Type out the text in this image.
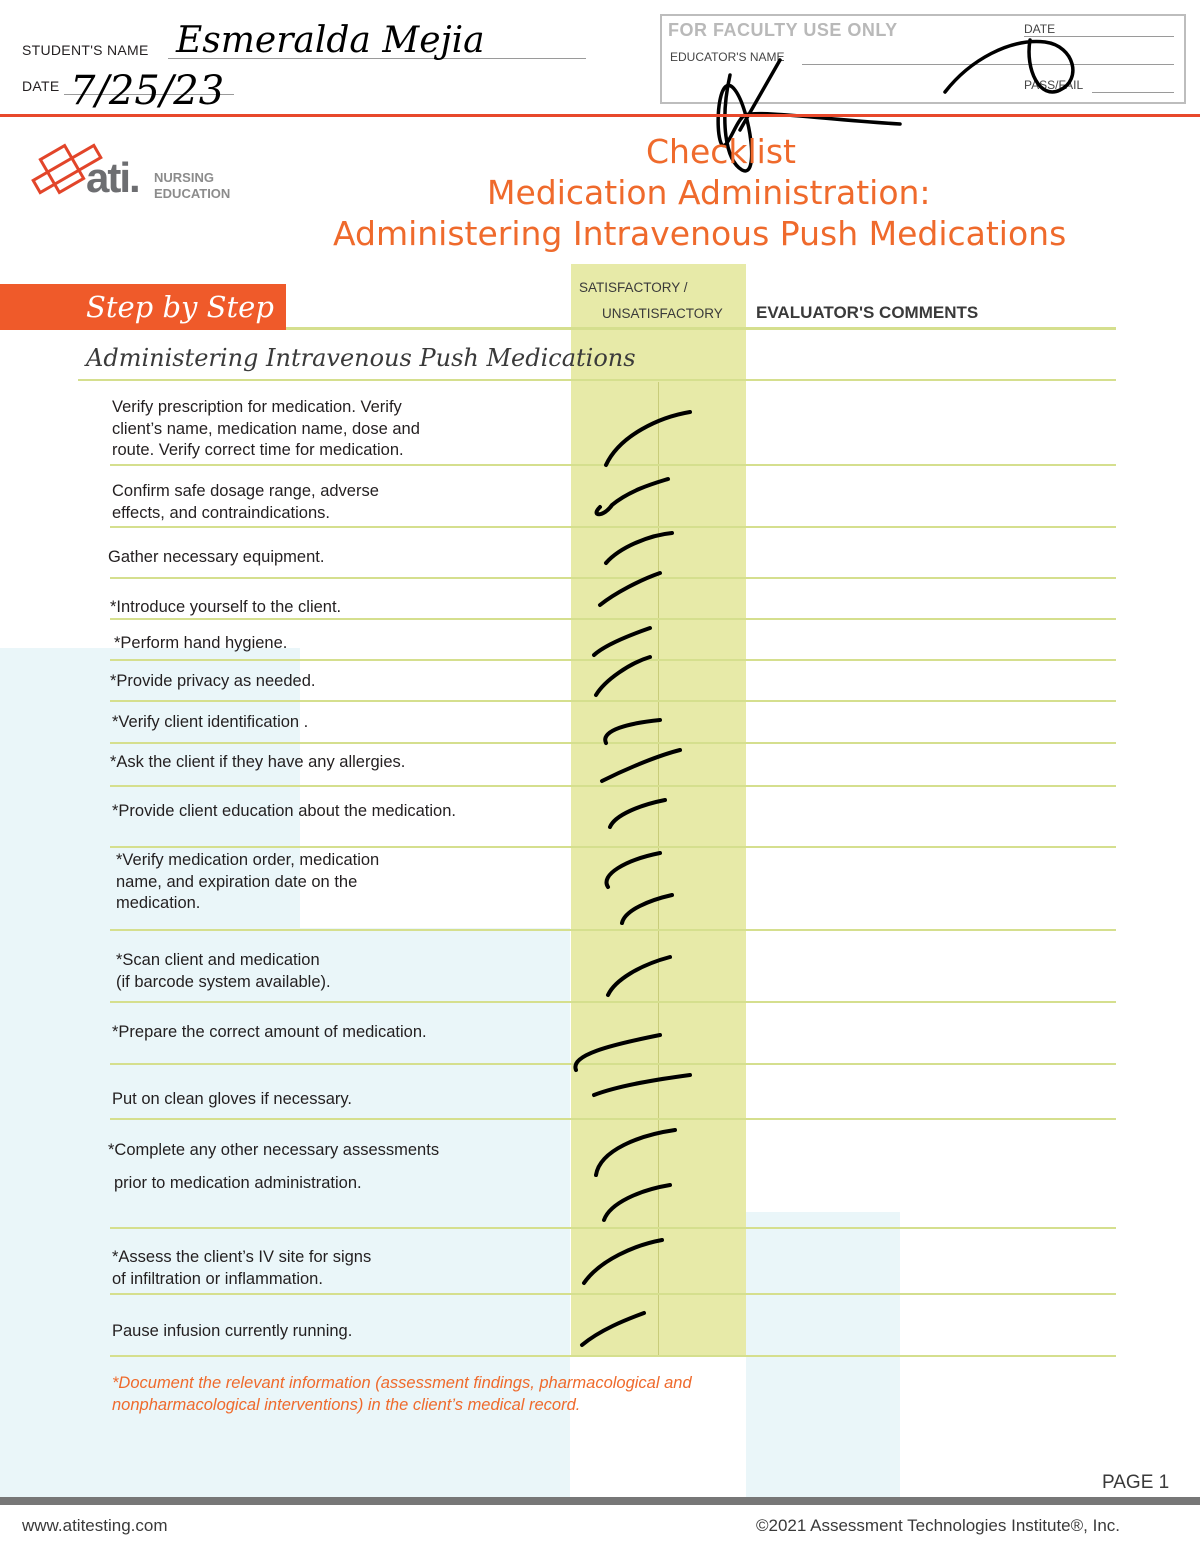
STUDENT'S NAME Esmeralda Mejia
DATE 7/25/23
FOR FACULTY USE ONLY
EDUCATOR'S NAME
DATE
PASS/FAIL
ati. NURSING
EDUCATION
Checklist
Medication Administration:
Administering Intravenous Push Medications
Step by Step
SATISFACTORY /
UNSATISFACTORY EVALUATOR'S COMMENTS
Administering Intravenous Push Medications
Verify prescription for medication. Verify
client’s name, medication name, dose and
route. Verify correct time for medication.
Confirm safe dosage range, adverse
effects, and contraindications.
Gather necessary equipment.
*Introduce yourself to the client.
*Perform hand hygiene.
*Provide privacy as needed.
*Verify client identification .
*Ask the client if they have any allergies.
*Provide client education about the medication.
*Verify medication order, medication
name, and expiration date on the
medication.
*Scan client and medication
(if barcode system available).
*Prepare the correct amount of medication.
Put on clean gloves if necessary.
*Complete any other necessary assessments
prior to medication administration.
*Assess the client’s IV site for signs
of infiltration or inflammation.
Pause infusion currently running.
*Document the relevant information (assessment findings, pharmacological and
nonpharmacological interventions) in the client’s medical record.
PAGE 1
www.atitesting.com	©2021 Assessment Technologies Institute®, Inc.
